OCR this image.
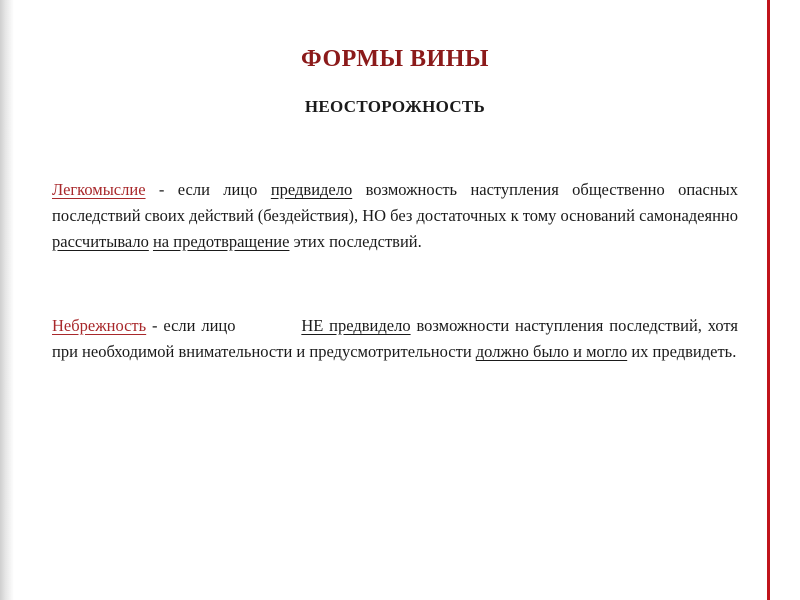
ФОРМЫ ВИНЫ
НЕОСТОРОЖНОСТЬ
Легкомыслие - если лицо предвидело возможность наступления общественно опасных последствий своих действий (бездействия), НО без достаточных к тому оснований самонадеянно рассчитывало на предотвращение этих последствий.
Небрежность - если лицо	НЕ предвидело возможности наступления последствий, хотя при необходимой внимательности и предусмотрительности должно было и могло их предвидеть.
